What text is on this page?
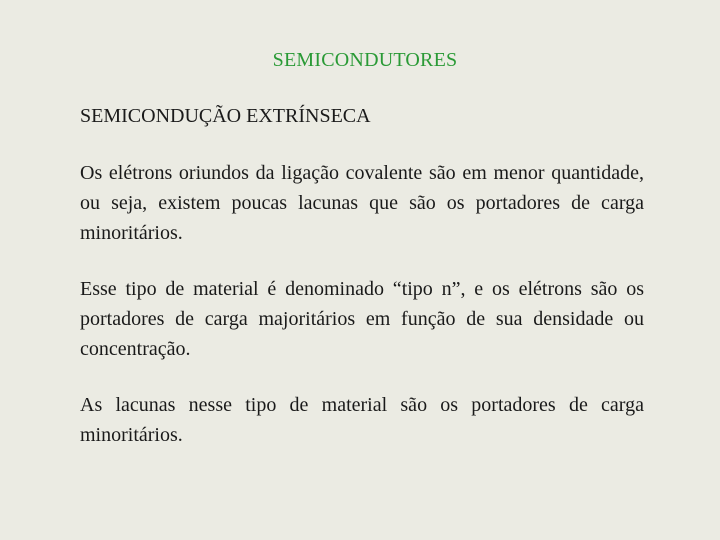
SEMICONDUTORES
SEMICONDUÇÃO EXTRÍNSECA

Os elétrons oriundos da ligação covalente são em menor quantidade, ou seja, existem poucas lacunas que são os portadores de carga minoritários.

Esse tipo de material é denominado “tipo n”, e os elétrons são os portadores de carga majoritários em função de sua densidade ou concentração.

As lacunas nesse tipo de material são os portadores de carga minoritários.
